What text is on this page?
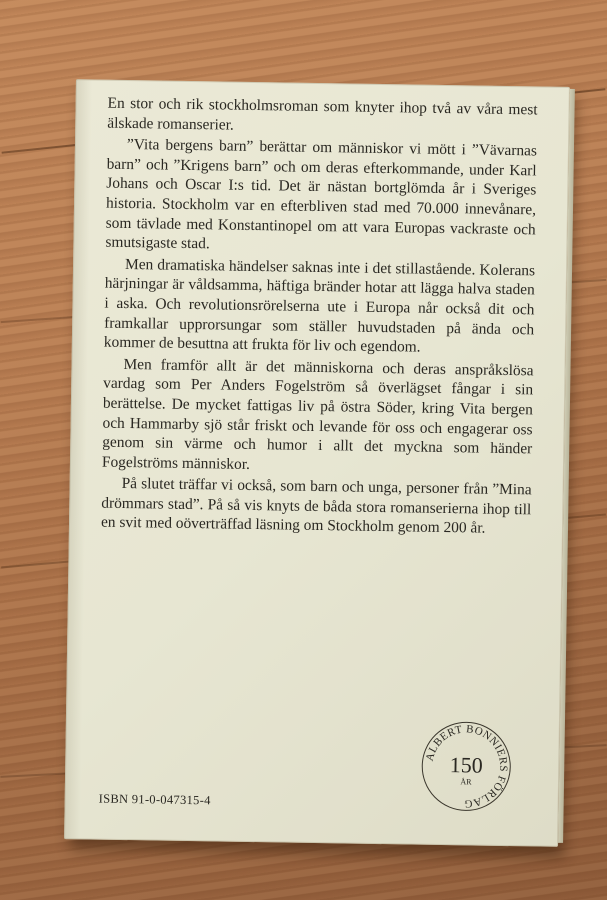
En stor och rik stockholmsroman som knyter ihop två av våra mest älskade romanserier.

”Vita bergens barn” berättar om människor vi mött i ”Vävarnas barn” och ”Krigens barn” och om deras efterkommande, under Karl Johans och Oscar I:s tid. Det är nästan bortglömda år i Sveriges historia. Stockholm var en efterbliven stad med 70.000 innevånare, som tävlade med Konstantinopel om att vara Europas vackraste och smutsigaste stad.

Men dramatiska händelser saknas inte i det stillastående. Kolerans härjningar är våldsamma, häftiga bränder hotar att lägga halva staden i aska. Och revolutionsrörelserna ute i Europa når också dit och framkallar upprorsungar som ställer huvudstaden på ända och kommer de besuttna att frukta för liv och egendom.

Men framför allt är det människorna och deras anspråkslösa vardag som Per Anders Fogelström så överlägset fångar i sin berättelse. De mycket fattigas liv på östra Söder, kring Vita bergen och Hammarby sjö står friskt och levande för oss och engagerar oss genom sin värme och humor i allt det myckna som händer Fogelströms människor.

På slutet träffar vi också, som barn och unga, personer från ”Mina drömmars stad”. På så vis knyts de båda stora romanserierna ihop till en svit med oöverträffad läsning om Stockholm genom 200 år.

ISBN 91-0-047315-4
ALBERT BONNIERS FÖRLAG
150
ÅR
